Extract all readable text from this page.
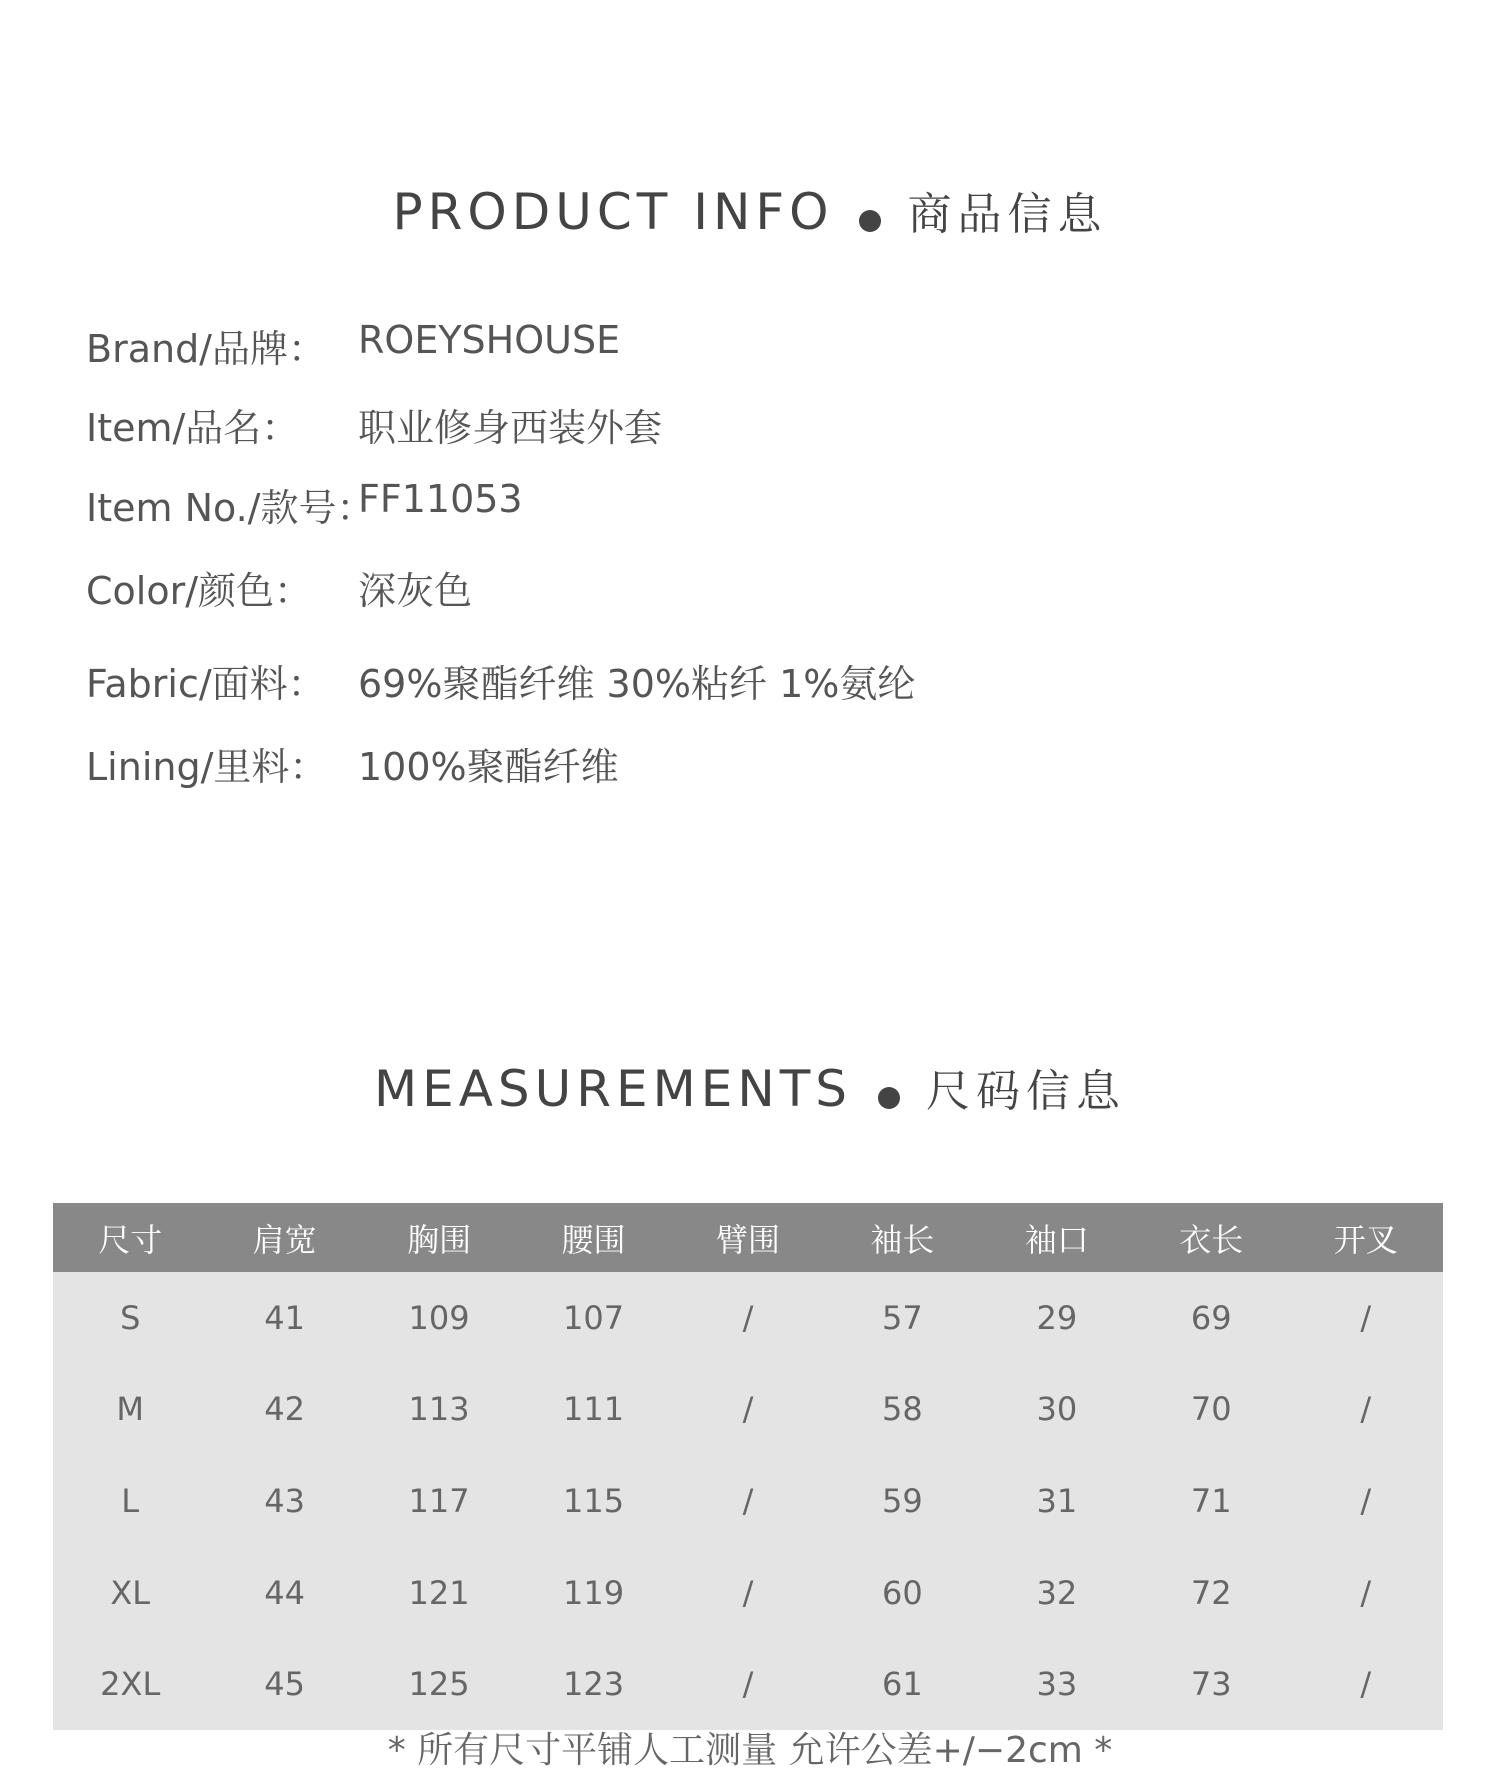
PRODUCT INFO 商品信息
Brand/品牌： ROEYSHOUSE
Item/品名： 职业修身西装外套
Item No./款号：
FF11053
Color/颜色： 深灰色
Fabric/面料： 69%聚酯纤维 30%粘纤 1%氨纶
Lining/里料： 100%聚酯纤维
MEASUREMENTS 尺码信息
尺寸	肩宽	胸围	腰围	臂围	袖长	袖口	衣长	开叉
S	41	109	107	/	57	29	69	/
M	42	113	111	/	58	30	70	/
L	43	117	115	/	59	31	71	/
XL	44	121	119	/	60	32	72	/
2XL	45	125	123	/	61	33	73	/
* 所有尺寸平铺人工测量 允许公差+/−2cm *
